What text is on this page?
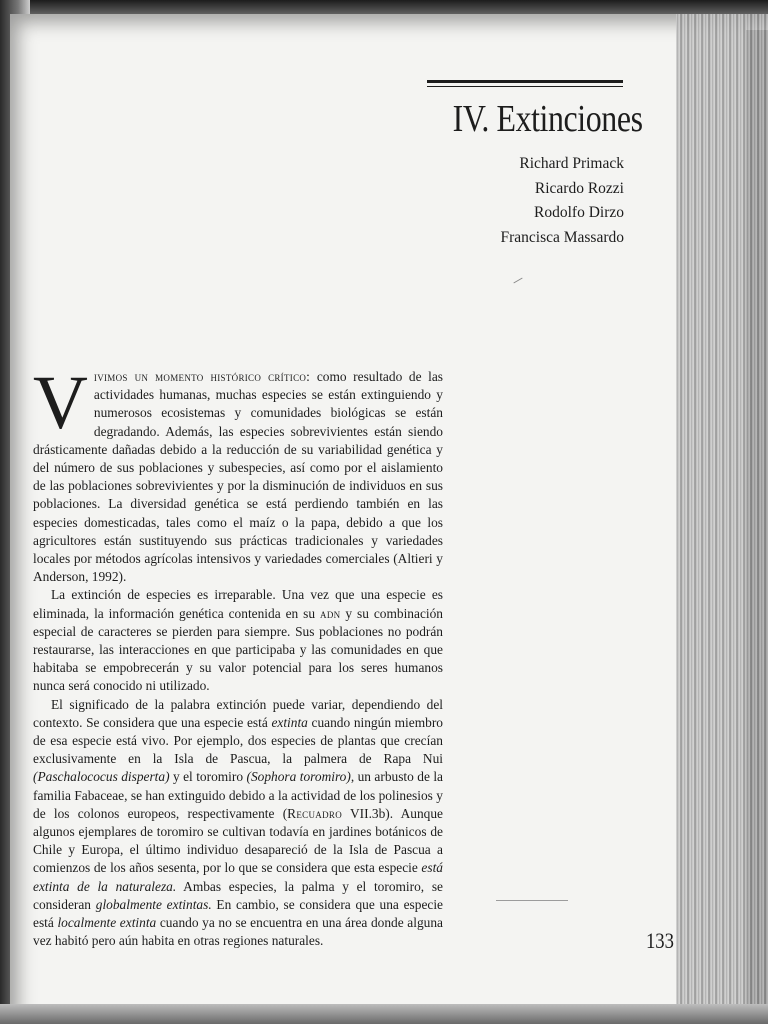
IV. Extinciones
Richard Primack
Ricardo Rozzi
Rodolfo Dirzo
Francisca Massardo

Vivimos un momento histórico crítico: como resultado de las actividades humanas, muchas especies se están extinguiendo y numerosos ecosistemas y comunidades biológicas se están degradando. Además, las especies sobrevivientes están siendo drásticamente dañadas debido a la reducción de su variabilidad genética y del número de sus poblaciones y subespecies, así como por el aislamiento de las poblaciones sobrevivientes y por la disminución de individuos en sus poblaciones. La diversidad genética se está perdiendo también en las especies domesticadas, tales como el maíz o la papa, debido a que los agricultores están sustituyendo sus prácticas tradicionales y variedades locales por métodos agrícolas intensivos y variedades comerciales (Altieri y Anderson, 1992).

La extinción de especies es irreparable. Una vez que una especie es eliminada, la información genética contenida en su adn y su combinación especial de caracteres se pierden para siempre. Sus poblaciones no podrán restaurarse, las interacciones en que participaba y las comunidades en que habitaba se empobrecerán y su valor potencial para los seres humanos nunca será conocido ni utilizado.

El significado de la palabra extinción puede variar, dependiendo del contexto. Se considera que una especie está extinta cuando ningún miembro de esa especie está vivo. Por ejemplo, dos especies de plantas que crecían exclusivamente en la Isla de Pascua, la palmera de Rapa Nui (Paschalococus disperta) y el toromiro (Sophora toromiro), un arbusto de la familia Fabaceae, se han extinguido debido a la actividad de los polinesios y de los colonos europeos, respectivamente (Recuadro VII.3b). Aunque algunos ejemplares de toromiro se cultivan todavía en jardines botánicos de Chile y Europa, el último individuo desapareció de la Isla de Pascua a comienzos de los años sesenta, por lo que se considera que esta especie está extinta de la naturaleza. Ambas especies, la palma y el toromiro, se consideran globalmente extintas. En cambio, se considera que una especie está localmente extinta cuando ya no se encuentra en una área donde alguna vez habitó pero aún habita en otras regiones naturales.	133
